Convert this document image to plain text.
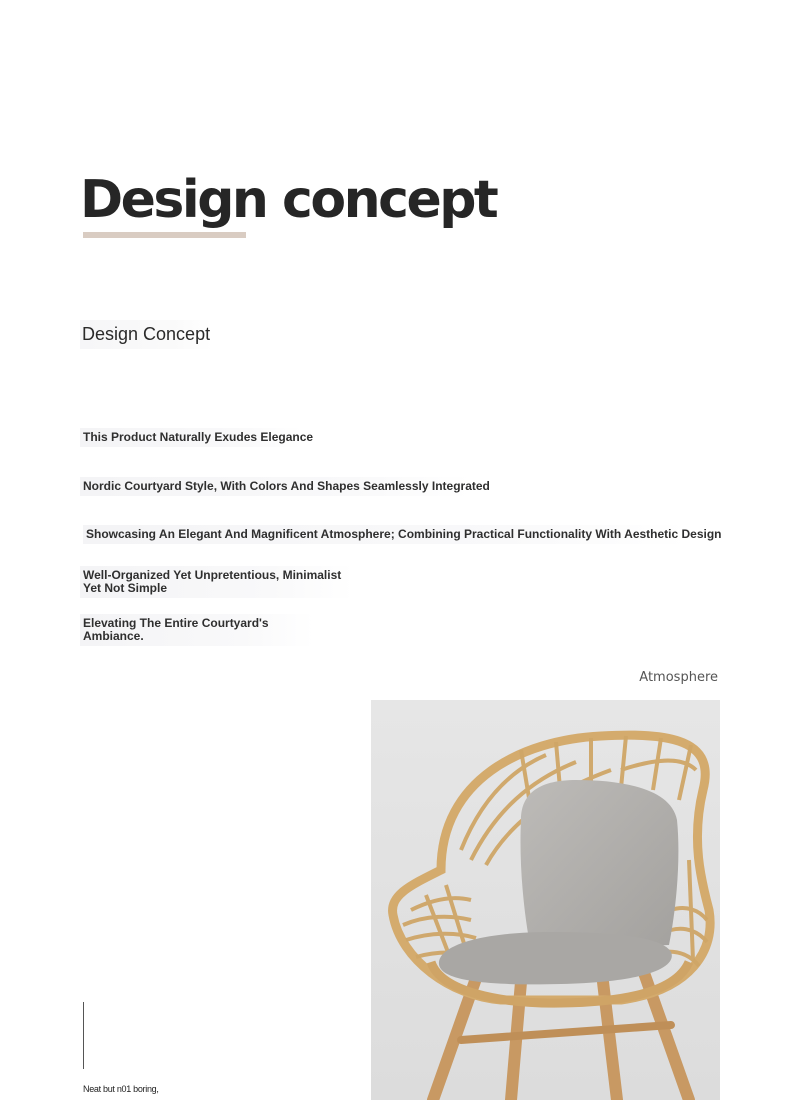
Design concept
Design Concept
This Product Naturally Exudes Elegance
Nordic Courtyard Style, With Colors And Shapes Seamlessly Integrated
Showcasing An Elegant And Magnificent Atmosphere; Combining Practical Functionality With Aesthetic Design
Well-Organized Yet Unpretentious, Minimalist Yet Not Simple
Elevating The Entire Courtyard's Ambiance.
Atmosphere
Neat but n01 boring,
